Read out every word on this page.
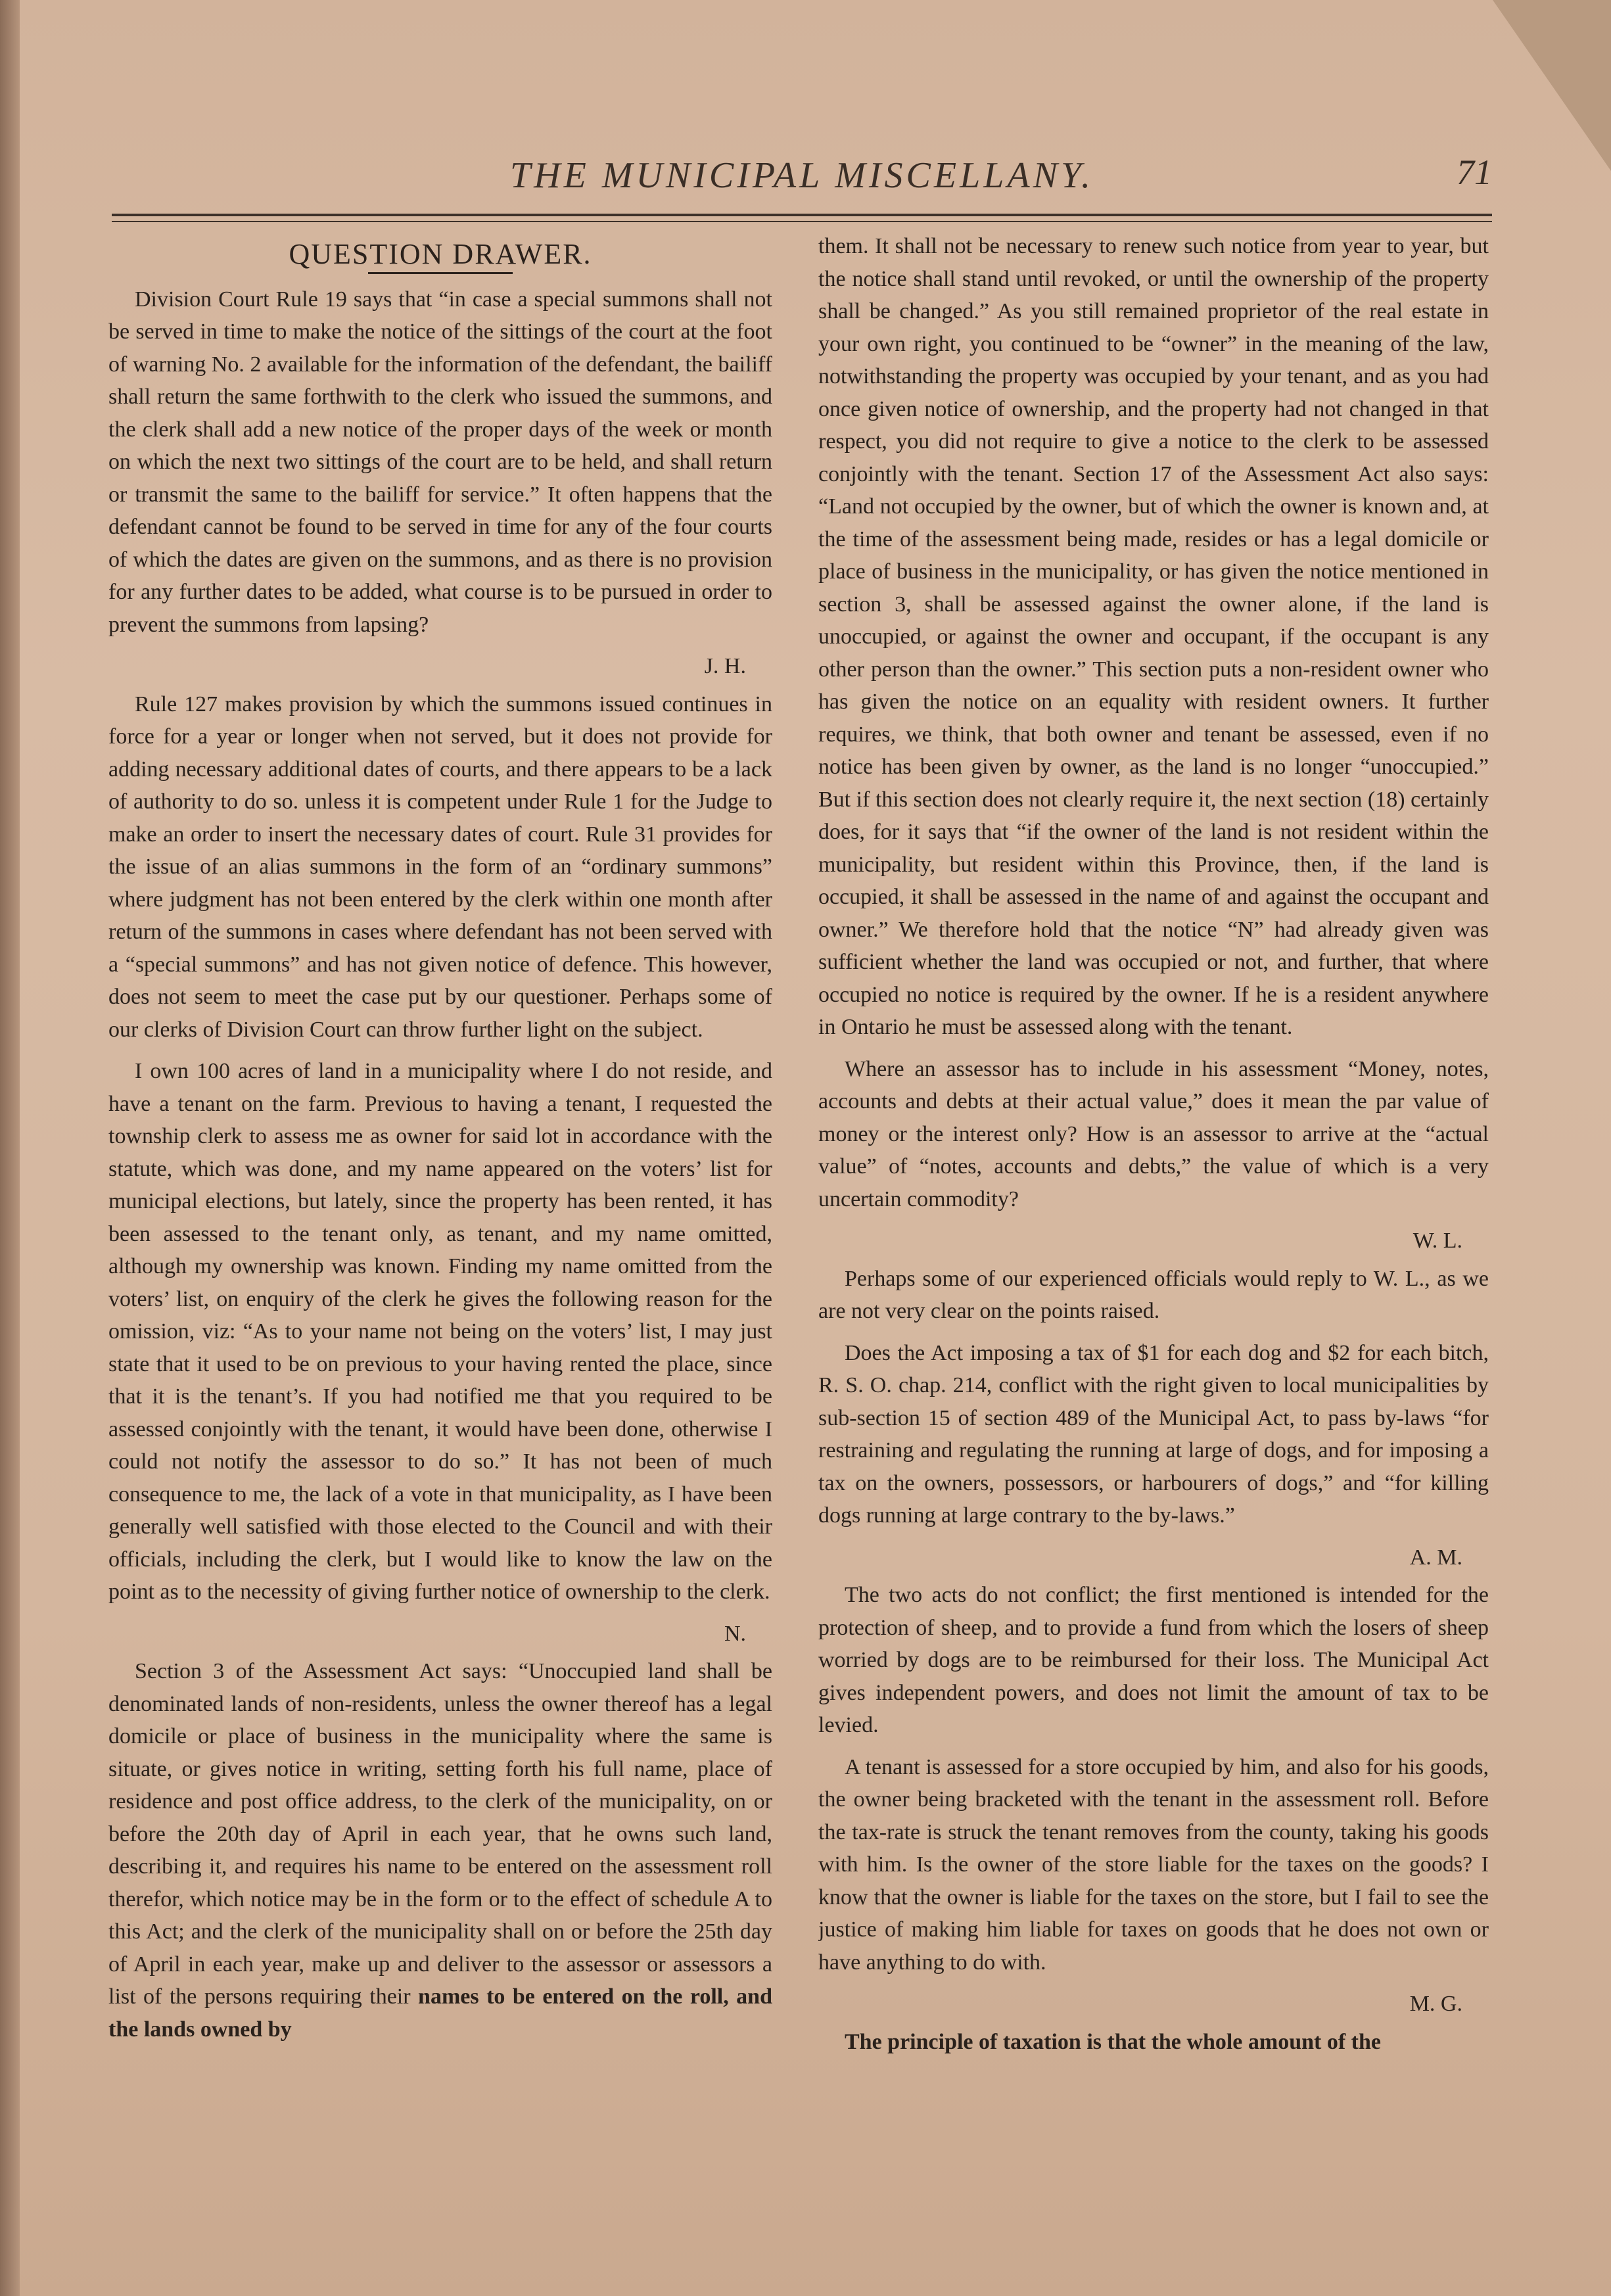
THE MUNICIPAL MISCELLANY.	71
QUESTION DRAWER.

Division Court Rule 19 says that “in case a special summons shall not be served in time to make the notice of the sittings of the court at the foot of warning No. 2 available for the information of the defendant, the bailiff shall return the same forthwith to the clerk who issued the summons, and the clerk shall add a new notice of the proper days of the week or month on which the next two sittings of the court are to be held, and shall return or transmit the same to the bailiff for service.” It often happens that the defendant cannot be found to be served in time for any of the four courts of which the dates are given on the summons, and as there is no provision for any further dates to be added, what course is to be pursued in order to prevent the summons from lapsing?

J. H.

Rule 127 makes provision by which the summons issued continues in force for a year or longer when not served, but it does not provide for adding necessary additional dates of courts, and there appears to be a lack of authority to do so. unless it is competent under Rule 1 for the Judge to make an order to insert the necessary dates of court. Rule 31 provides for the issue of an alias summons in the form of an “ordinary summons” where judgment has not been entered by the clerk within one month after return of the summons in cases where defendant has not been served with a “special summons” and has not given notice of defence. This however, does not seem to meet the case put by our questioner. Perhaps some of our clerks of Division Court can throw further light on the subject.

I own 100 acres of land in a municipality where I do not reside, and have a tenant on the farm. Previous to having a tenant, I requested the township clerk to assess me as owner for said lot in accordance with the statute, which was done, and my name appeared on the voters’ list for municipal elections, but lately, since the property has been rented, it has been assessed to the tenant only, as tenant, and my name omitted, although my ownership was known. Finding my name omitted from the voters’ list, on enquiry of the clerk he gives the following reason for the omission, viz: “As to your name not being on the voters’ list, I may just state that it used to be on previous to your having rented the place, since that it is the tenant’s. If you had notified me that you required to be assessed conjointly with the tenant, it would have been done, otherwise I could not notify the assessor to do so.” It has not been of much consequence to me, the lack of a vote in that municipality, as I have been generally well satisfied with those elected to the Council and with their officials, including the clerk, but I would like to know the law on the point as to the necessity of giving further notice of ownership to the clerk.

N.

Section 3 of the Assessment Act says: “Unoccupied land shall be denominated lands of non-residents, unless the owner thereof has a legal domicile or place of business in the municipality where the same is situate, or gives notice in writing, setting forth his full name, place of residence and post office address, to the clerk of the municipality, on or before the 20th day of April in each year, that he owns such land, describing it, and requires his name to be entered on the assessment roll therefor, which notice may be in the form or to the effect of schedule A to this Act; and the clerk of the municipality shall on or before the 25th day of April in each year, make up and deliver to the assessor or assessors a list of the persons requiring their names to be entered on the roll, and the lands owned by

them. It shall not be necessary to renew such notice from year to year, but the notice shall stand until revoked, or until the ownership of the property shall be changed.” As you still remained proprietor of the real estate in your own right, you continued to be “owner” in the meaning of the law, notwithstanding the property was occupied by your tenant, and as you had once given notice of ownership, and the property had not changed in that respect, you did not require to give a notice to the clerk to be assessed conjointly with the tenant. Section 17 of the Assessment Act also says: “Land not occupied by the owner, but of which the owner is known and, at the time of the assessment being made, resides or has a legal domicile or place of business in the municipality, or has given the notice mentioned in section 3, shall be assessed against the owner alone, if the land is unoccupied, or against the owner and occupant, if the occupant is any other person than the owner.” This section puts a non-resident owner who has given the notice on an equality with resident owners. It further requires, we think, that both owner and tenant be assessed, even if no notice has been given by owner, as the land is no longer “unoccupied.” But if this section does not clearly require it, the next section (18) certainly does, for it says that “if the owner of the land is not resident within the municipality, but resident within this Province, then, if the land is occupied, it shall be assessed in the name of and against the occupant and owner.” We therefore hold that the notice “N” had already given was sufficient whether the land was occupied or not, and further, that where occupied no notice is required by the owner. If he is a resident anywhere in Ontario he must be assessed along with the tenant.

Where an assessor has to include in his assessment “Money, notes, accounts and debts at their actual value,” does it mean the par value of money or the interest only? How is an assessor to arrive at the “actual value” of “notes, accounts and debts,” the value of which is a very uncertain commodity?

W. L.

Perhaps some of our experienced officials would reply to W. L., as we are not very clear on the points raised.

Does the Act imposing a tax of $1 for each dog and $2 for each bitch, R. S. O. chap. 214, conflict with the right given to local municipalities by sub-section 15 of section 489 of the Municipal Act, to pass by-laws “for restraining and regulating the running at large of dogs, and for imposing a tax on the owners, possessors, or harbourers of dogs,” and “for killing dogs running at large contrary to the by-laws.”

A. M.

The two acts do not conflict; the first mentioned is intended for the protection of sheep, and to provide a fund from which the losers of sheep worried by dogs are to be reimbursed for their loss. The Municipal Act gives independent powers, and does not limit the amount of tax to be levied.

A tenant is assessed for a store occupied by him, and also for his goods, the owner being bracketed with the tenant in the assessment roll. Before the tax-rate is struck the tenant removes from the county, taking his goods with him. Is the owner of the store liable for the taxes on the goods? I know that the owner is liable for the taxes on the store, but I fail to see the justice of making him liable for taxes on goods that he does not own or have anything to do with.

M. G.

The principle of taxation is that the whole amount of the
